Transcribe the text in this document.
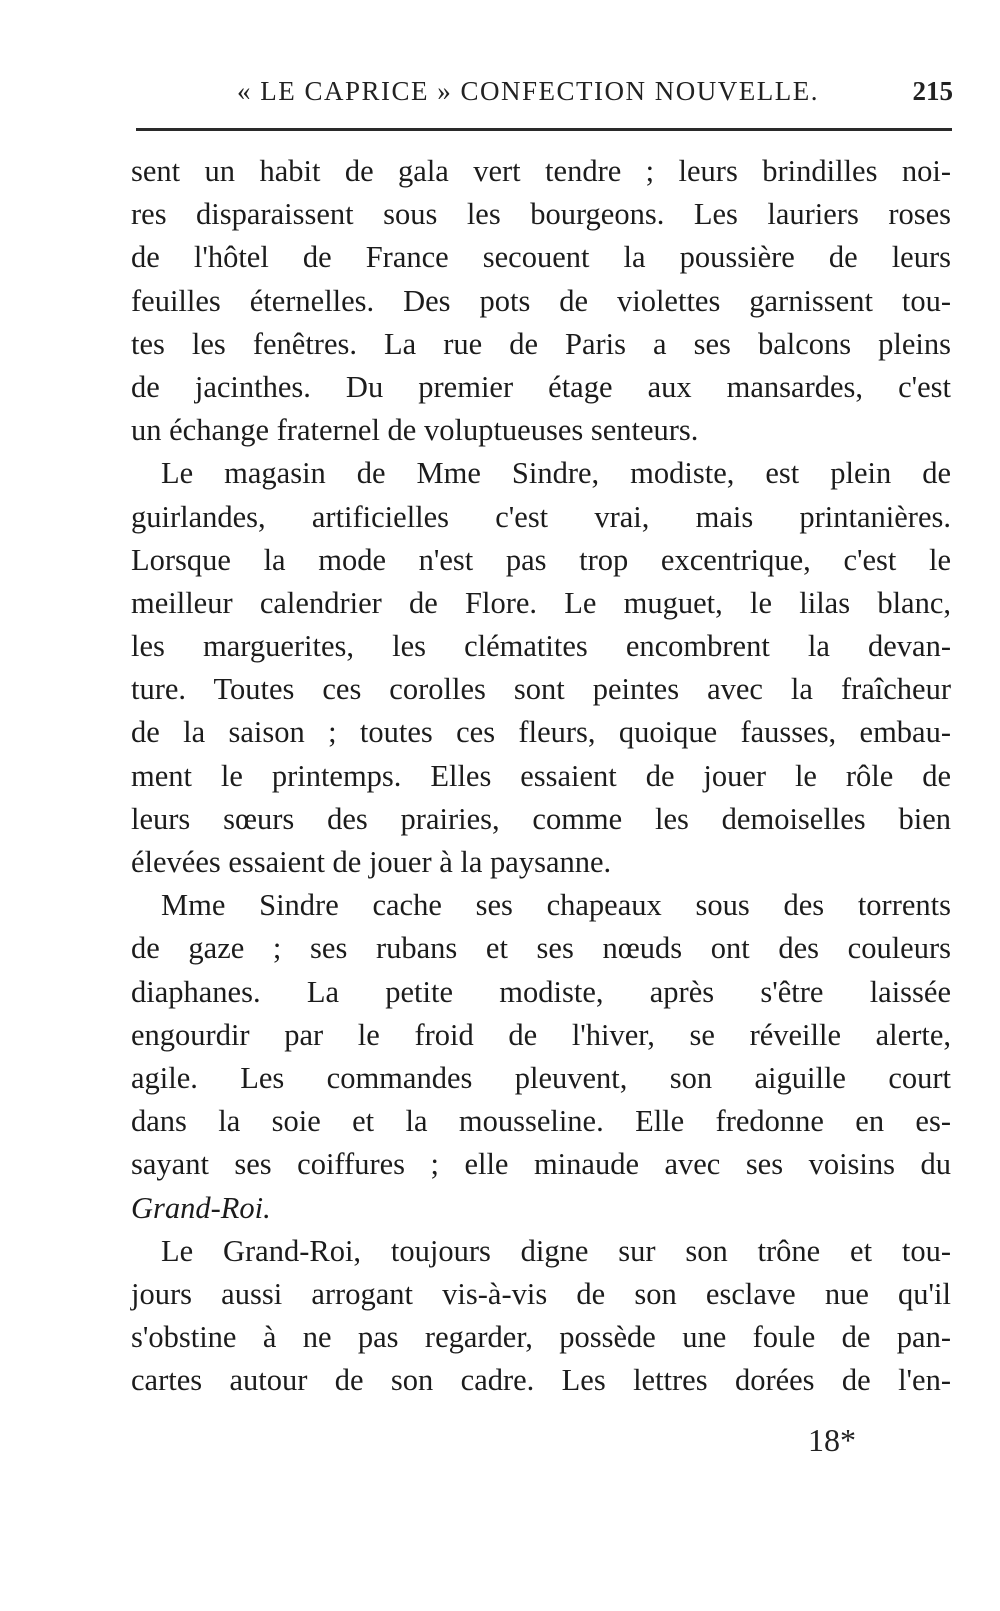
« LE CAPRICE » CONFECTION NOUVELLE.	215
sent un habit de gala vert tendre ; leurs brindilles noi-
res disparaissent sous les bourgeons. Les lauriers roses
de l'hôtel de France secouent la poussière de leurs
feuilles éternelles. Des pots de violettes garnissent tou-
tes les fenêtres. La rue de Paris a ses balcons pleins
de jacinthes. Du premier étage aux mansardes, c'est
un échange fraternel de voluptueuses senteurs.
Le magasin de Mme Sindre, modiste, est plein de
guirlandes, artificielles c'est vrai, mais printanières.
Lorsque la mode n'est pas trop excentrique, c'est le
meilleur calendrier de Flore. Le muguet, le lilas blanc,
les marguerites, les clématites encombrent la devan-
ture. Toutes ces corolles sont peintes avec la fraîcheur
de la saison ; toutes ces fleurs, quoique fausses, embau-
ment le printemps. Elles essaient de jouer le rôle de
leurs sœurs des prairies, comme les demoiselles bien
élevées essaient de jouer à la paysanne.
Mme Sindre cache ses chapeaux sous des torrents
de gaze ; ses rubans et ses nœuds ont des couleurs
diaphanes. La petite modiste, après s'être laissée
engourdir par le froid de l'hiver, se réveille alerte,
agile. Les commandes pleuvent, son aiguille court
dans la soie et la mousseline. Elle fredonne en es-
sayant ses coiffures ; elle minaude avec ses voisins du
Grand-Roi.
Le Grand-Roi, toujours digne sur son trône et tou-
jours aussi arrogant vis-à-vis de son esclave nue qu'il
s'obstine à ne pas regarder, possède une foule de pan-
cartes autour de son cadre. Les lettres dorées de l'en-
18*
